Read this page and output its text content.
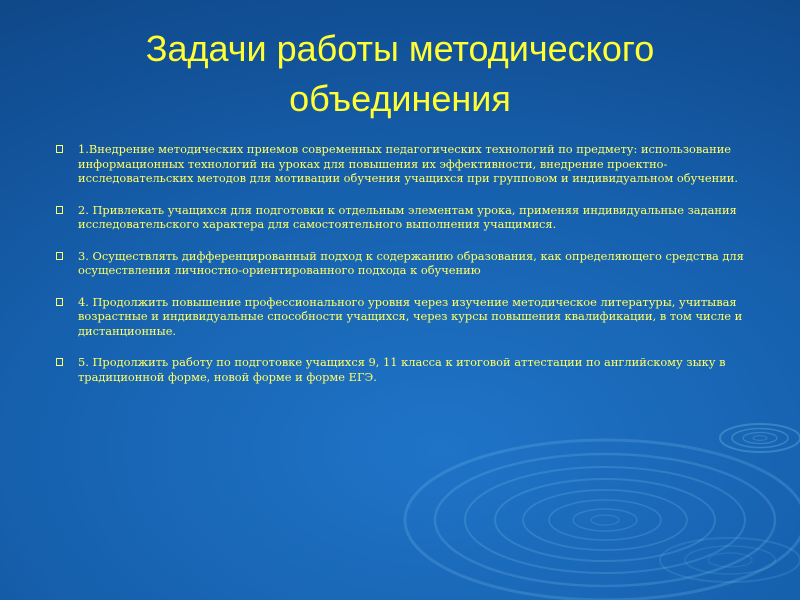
Задачи работы методического объединения
1.Внедрение методических приемов современных педагогических технологий по предмету: использование информационных технологий на уроках для повышения их эффективности, внедрение проектно-исследовательских методов для мотивации обучения учащихся при групповом и индивидуальном обучении.
2. Привлекать учащихся для подготовки к отдельным элементам урока, применяя индивидуальные задания исследовательского характера для самостоятельного выполнения учащимися.
3. Осуществлять дифференцированный подход к содержанию образования, как определяющего средства для осуществления личностно-ориентированного подхода к обучению
4. Продолжить повышение профессионального уровня через изучение методическое литературы, учитывая возрастные и индивидуальные способности учащихся, через курсы повышения квалификации, в том числе и дистанционные.
5. Продолжить работу по подготовке учащихся 9, 11 класса к итоговой аттестации по английскому зыку в традиционной форме, новой форме и форме ЕГЭ.
